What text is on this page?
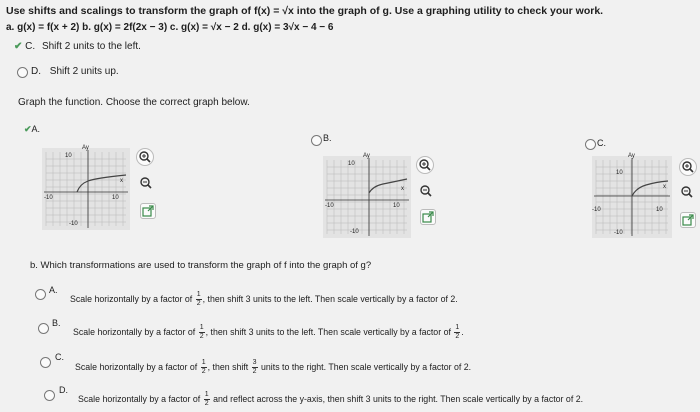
Use shifts and scalings to transform the graph of f(x) = √x into the graph of g. Use a graphing utility to check your work.
a. g(x) = f(x + 2) b. g(x) = 2f(2x − 3) c. g(x) = √x − 2 d. g(x) = 3√x − 4 − 6
✔ C. Shift 2 units to the left.
D. Shift 2 units up.
Graph the function. Choose the correct graph below.
✔A.
B.	C.
10
Ay
x
-10	10
-10
10
Ay
x
-10	10
-10
10
Ay
x
-10	10
-10
b. Which transformations are used to transform the graph of f into the graph of g?
A.
Scale horizontally by a factor of $\frac{1}{2}$ , then shift 3 units to the left. Then scale vertically by a factor of 2.
B.
Scale horizontally by a factor of $\frac{1}{2}$ , then shift 3 units to the left. Then scale vertically by a factor of $\frac{1}{2}$ .
C.
Scale horizontally by a factor of $\frac{1}{2}$ , then shift $\frac{3}{2}$ units to the right. Then scale vertically by a factor of 2.
D.
Scale horizontally by a factor of $\frac{1}{2}$ and reflect across the y-axis, then shift 3 units to the right. Then scale vertically by a factor of 2.
